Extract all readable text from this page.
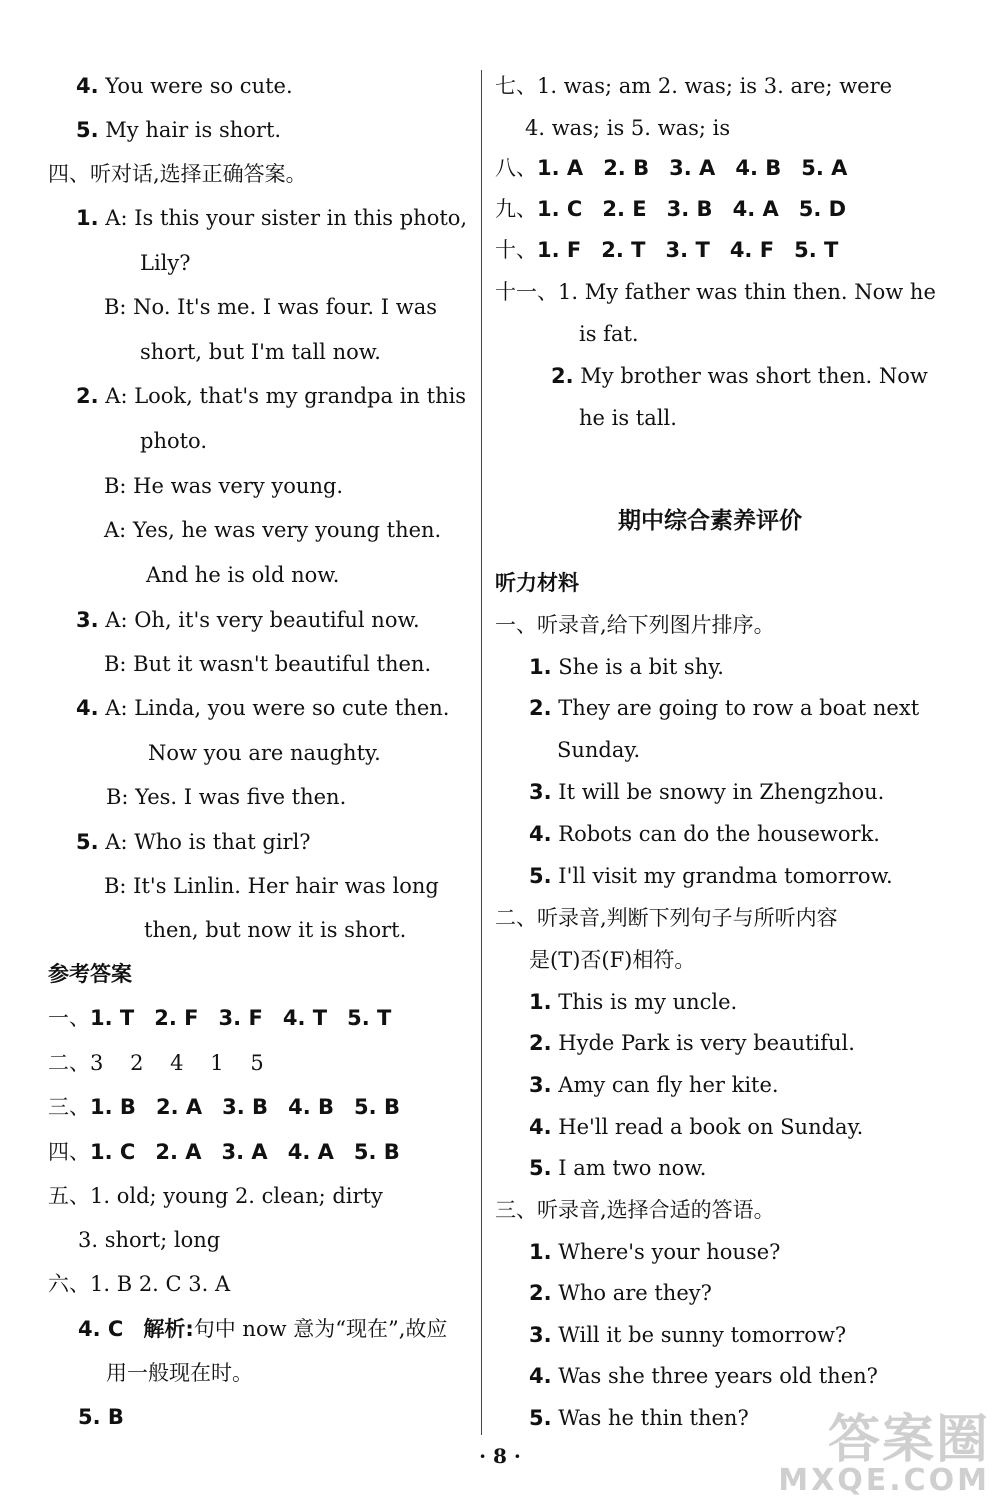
4. You were so cute.
5. My hair is short.
四、听对话,选择正确答案。
1. A: Is this your sister in this photo,
Lily?
B: No. It's me. I was four. I was
short, but I'm tall now.
2. A: Look, that's my grandpa in this
photo.
B: He was very young.
A: Yes, he was very young then.
And he is old now.
3. A: Oh, it's very beautiful now.
B: But it wasn't beautiful then.
4. A: Linda, you were so cute then.
Now you are naughty.
B: Yes. I was five then.
5. A: Who is that girl?
B: It's Linlin. Her hair was long
then, but now it is short.
参考答案
一、1. T 2. F 3. F 4. T 5. T
二、3 2 4 1 5
三、1. B 2. A 3. B 4. B 5. B
四、1. C 2. A 3. A 4. A 5. B
五、1. old; young 2. clean; dirty
3. short; long
六、1. B 2. C 3. A
4. C 解析:句中 now 意为“现在”,故应
用一般现在时。
5. B
七、1. was; am 2. was; is 3. are; were
4. was; is 5. was; is
八、1. A 2. B 3. A 4. B 5. A
九、1. C 2. E 3. B 4. A 5. D
十、1. F 2. T 3. T 4. F 5. T
十一、1. My father was thin then. Now he
is fat.
2. My brother was short then. Now
he is tall.
期中综合素养评价
听力材料
一、听录音,给下列图片排序。
1. She is a bit shy.
2. They are going to row a boat next
Sunday.
3. It will be snowy in Zhengzhou.
4. Robots can do the housework.
5. I'll visit my grandma tomorrow.
二、听录音,判断下列句子与所听内容
是(T)否(F)相符。
1. This is my uncle.
2. Hyde Park is very beautiful.
3. Amy can fly her kite.
4. He'll read a book on Sunday.
5. I am two now.
三、听录音,选择合适的答语。
1. Where's your house?
2. Who are they?
3. Will it be sunny tomorrow?
4. Was she three years old then?
5. Was he thin then?
· 8 ·	答案圈
MXQE.COM
